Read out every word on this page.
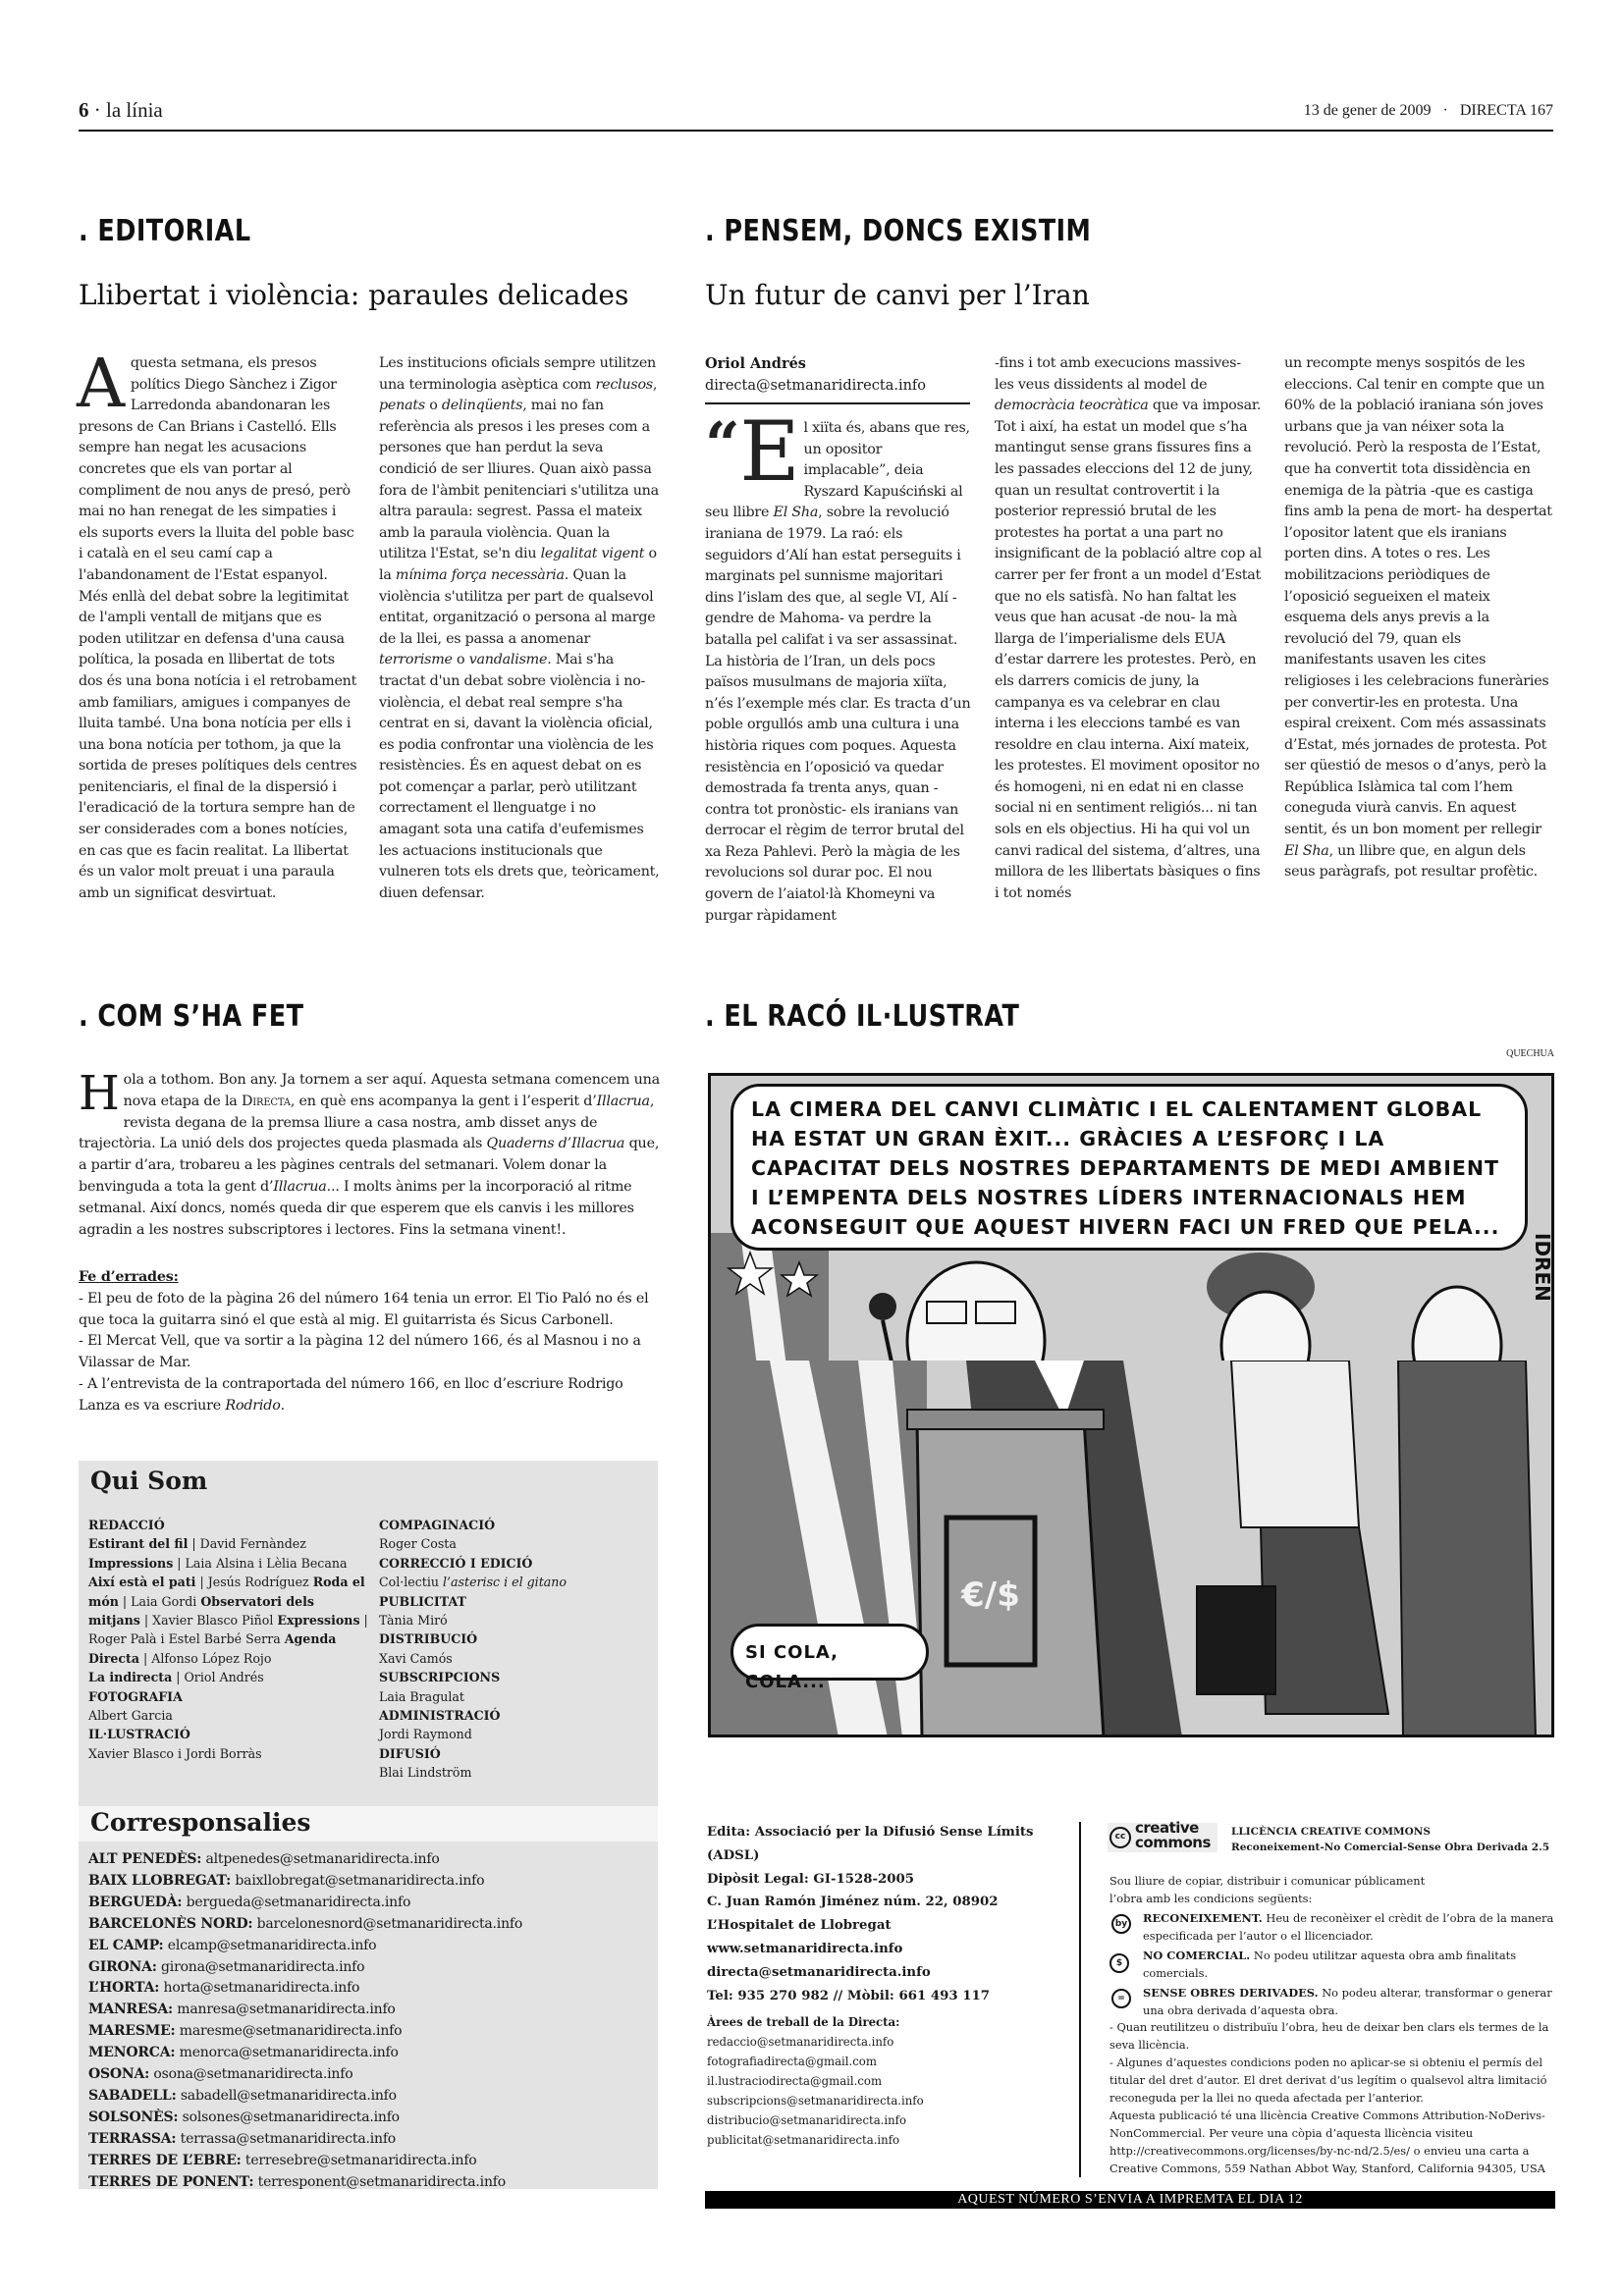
6 · la línia	13 de gener de 2009 · DIRECTA 167
. EDITORIAL
Llibertat i violència: paraules delicades
Aquesta setmana, els presos polítics Diego Sànchez i Zigor Larredonda abandonaran les presons de Can Brians i Castelló. Ells sempre han negat les acusacions concretes que els van portar al compliment de nou anys de presó, però mai no han renegat de les simpaties i els suports evers la lluita del poble basc i català en el seu camí cap a l'abandonament de l'Estat espanyol. Més enllà del debat sobre la legitimitat de l'ampli ventall de mitjans que es poden utilitzar en defensa d'una causa política, la posada en llibertat de tots dos és una bona notícia i el retrobament amb familiars, amigues i companyes de lluita també. Una bona notícia per ells i una bona notícia per tothom, ja que la sortida de preses polítiques dels centres penitenciaris, el final de la dispersió i l'eradicació de la tortura sempre han de ser considerades com a bones notícies, en cas que es facin realitat. La llibertat és un valor molt preuat i una paraula amb un significat desvirtuat.
Les institucions oficials sempre utilitzen una terminologia asèptica com reclusos, penats o delinqüents, mai no fan referència als presos i les preses com a persones que han perdut la seva condició de ser lliures. Quan això passa fora de l'àmbit penitenciari s'utilitza una altra paraula: segrest. Passa el mateix amb la paraula violència. Quan la utilitza l'Estat, se'n diu legalitat vigent o la mínima força necessària. Quan la violència s'utilitza per part de qualsevol entitat, organització o persona al marge de la llei, es passa a anomenar terrorisme o vandalisme. Mai s'ha tractat d'un debat sobre violència i no-violència, el debat real sempre s'ha centrat en si, davant la violència oficial, es podia confrontar una violència de les resistències. És en aquest debat on es pot començar a parlar, però utilitzant correctament el llenguatge i no amagant sota una catifa d'eufemismes les actuacions institucionals que vulneren tots els drets que, teòricament, diuen defensar.
. PENSEM, DONCS EXISTIM
Un futur de canvi per l’Iran
Oriol Andrés
directa@setmanaridirecta.info
“E l xiïta és, abans que res, un opositor implacable”, deia Ryszard Kapuściński al seu llibre El Sha, sobre la revolució iraniana de 1979. La raó: els seguidors d’Alí han estat perseguits i marginats pel sunnisme majoritari dins l’islam des que, al segle VI, Alí -gendre de Mahoma- va perdre la batalla pel califat i va ser assassinat. La història de l’Iran, un dels pocs països musulmans de majoria xiïta, n’és l’exemple més clar. Es tracta d’un poble orgullós amb una cultura i una història riques com poques. Aquesta resistència en l’oposició va quedar demostrada fa trenta anys, quan -contra tot pronòstic- els iranians van derrocar el règim de terror brutal del xa Reza Pahlevi. Però la màgia de les revolucions sol durar poc. El nou govern de l’aiatol·là Khomeyni va purgar ràpidament
-fins i tot amb execucions massives- les veus dissidents al model de democràcia teocràtica que va imposar. Tot i així, ha estat un model que s’ha mantingut sense grans fissures fins a les passades eleccions del 12 de juny, quan un resultat controvertit i la posterior repressió brutal de les protestes ha portat a una part no insignificant de la població altre cop al carrer per fer front a un model d’Estat que no els satisfà. No han faltat les veus que han acusat -de nou- la mà llarga de l’imperialisme dels EUA d’estar darrere les protestes. Però, en els darrers comicis de juny, la campanya es va celebrar en clau interna i les eleccions també es van resoldre en clau interna. Així mateix, les protestes. El moviment opositor no és homogeni, ni en edat ni en classe social ni en sentiment religiós... ni tan sols en els objectius. Hi ha qui vol un canvi radical del sistema, d’altres, una millora de les llibertats bàsiques o fins i tot només
un recompte menys sospitós de les eleccions. Cal tenir en compte que un 60% de la població iraniana són joves urbans que ja van néixer sota la revolució. Però la resposta de l’Estat, que ha convertit tota dissidència en enemiga de la pàtria -que es castiga fins amb la pena de mort- ha despertat l’opositor latent que els iranians porten dins. A totes o res. Les mobilitzacions periòdiques de l’oposició segueixen el mateix esquema dels anys previs a la revolució del 79, quan els manifestants usaven les cites religioses i les celebracions funeràries per convertir-les en protesta. Una espiral creixent. Com més assassinats d’Estat, més jornades de protesta. Pot ser qüestió de mesos o d’anys, però la República Islàmica tal com l’hem coneguda viurà canvis. En aquest sentit, és un bon moment per rellegir El Sha, un llibre que, en algun dels seus paràgrafs, pot resultar profètic.
. COM S’HA FET
Hola a tothom. Bon any. Ja tornem a ser aquí. Aquesta setmana comencem una nova etapa de la Directa, en què ens acompanya la gent i l’esperit d’Illacrua, revista degana de la premsa lliure a casa nostra, amb disset anys de trajectòria. La unió dels dos projectes queda plasmada als Quaderns d’Illacrua que, a partir d’ara, trobareu a les pàgines centrals del setmanari. Volem donar la benvinguda a tota la gent d’Illacrua... I molts ànims per la incorporació al ritme setmanal. Així doncs, només queda dir que esperem que els canvis i les millores agradin a les nostres subscriptores i lectores. Fins la setmana vinent!.
Fe d’errades:
- El peu de foto de la pàgina 26 del número 164 tenia un error. El Tio Paló no és el que toca la guitarra sinó el que està al mig. El guitarrista és Sicus Carbonell.
- El Mercat Vell, que va sortir a la pàgina 12 del número 166, és al Masnou i no a Vilassar de Mar.
- A l’entrevista de la contraportada del número 166, en lloc d’escriure Rodrigo Lanza es va escriure Rodrido.
Qui Som
REDACCIÓ
Estirant del fil | David Fernàndez Impressions | Laia Alsina i Lèlia Becana Així està el pati | Jesús Rodríguez Roda el món | Laia Gordi Observatori dels mitjans | Xavier Blasco Piñol Expressions | Roger Palà i Estel Barbé Serra Agenda Directa | Alfonso López Rojo
La indirecta | Oriol Andrés
FOTOGRAFIA
Albert Garcia
IL·LUSTRACIÓ
Xavier Blasco i Jordi Borràs
COMPAGINACIÓ
Roger Costa
CORRECCIÓ I EDICIÓ
Col·lectiu l’asterisc i el gitano
PUBLICITAT
Tània Miró
DISTRIBUCIÓ
Xavi Camós
SUBSCRIPCIONS
Laia Bragulat
ADMINISTRACIÓ
Jordi Raymond
DIFUSIÓ
Blai Lindström
Corresponsalies
ALT PENEDÈS: altpenedes@setmanaridirecta.info
BAIX LLOBREGAT: baixllobregat@setmanaridirecta.info
BERGUEDÀ: bergueda@setmanaridirecta.info
BARCELONÈS NORD: barcelonesnord@setmanaridirecta.info
EL CAMP: elcamp@setmanaridirecta.info
GIRONA: girona@setmanaridirecta.info
L’HORTA: horta@setmanaridirecta.info
MANRESA: manresa@setmanaridirecta.info
MARESME: maresme@setmanaridirecta.info
MENORCA: menorca@setmanaridirecta.info
OSONA: osona@setmanaridirecta.info
SABADELL: sabadell@setmanaridirecta.info
SOLSONÈS: solsones@setmanaridirecta.info
TERRASSA: terrassa@setmanaridirecta.info
TERRES DE L’EBRE: terresebre@setmanaridirecta.info
TERRES DE PONENT: terresponent@setmanaridirecta.info
. EL RACÓ IL·LUSTRAT
QUECHUA
IDREN
LA CIMERA DEL CANVI CLIMÀTIC I EL CALENTAMENT GLOBAL HA ESTAT UN GRAN ÈXIT... GRÀCIES A L’ESFORÇ I LA CAPACITAT DELS NOSTRES DEPARTAMENTS DE MEDI AMBIENT I L’EMPENTA DELS NOSTRES LÍDERS INTERNACIONALS HEM ACONSEGUIT QUE AQUEST HIVERN FACI UN FRED QUE PELA...
€/$
SI COLA, COLA...
Edita: Associació per la Difusió Sense Límits (ADSL)
Dipòsit Legal: GI-1528-2005
C. Juan Ramón Jiménez núm. 22, 08902
L’Hospitalet de Llobregat
www.setmanaridirecta.info
directa@setmanaridirecta.info
Tel: 935 270 982 // Mòbil: 661 493 117
Àrees de treball de la Directa:
redaccio@setmanaridirecta.info
fotografiadirecta@gmail.com
il.lustraciodirecta@gmail.com
subscripcions@setmanaridirecta.info
distribucio@setmanaridirecta.info
publicitat@setmanaridirecta.info
cc creative
commons
LLICÈNCIA CREATIVE COMMONS
Reconeixement-No Comercial-Sense Obra Derivada 2.5
Sou lliure de copiar, distribuir i comunicar públicament l’obra amb les condicions següents:
by	RECONEIXEMENT. Heu de reconèixer el crèdit de l’obra de la manera especificada per l’autor o el llicenciador.
$
NO COMERCIAL. No podeu utilitzar aquesta obra amb finalitats comercials.
=	SENSE OBRES DERIVADES. No podeu alterar, transformar o generar una obra derivada d’aquesta obra.
- Quan reutilitzeu o distribuïu l’obra, heu de deixar ben clars els termes de la seva llicència.
- Algunes d’aquestes condicions poden no aplicar-se si obteniu el permís del titular del dret d’autor. El dret derivat d’us legítim o qualsevol altra limitació reconeguda per la llei no queda afectada per l’anterior.
Aquesta publicació té una llicència Creative Commons Attribution-NoDerivs- NonCommercial. Per veure una còpia d’aquesta llicència visiteu http://creativecommons.org/licenses/by-nc-nd/2.5/es/ o envieu una carta a Creative Commons, 559 Nathan Abbot Way, Stanford, California 94305, USA
AQUEST NÚMERO S’ENVIA A IMPREMTA EL DIA 12
